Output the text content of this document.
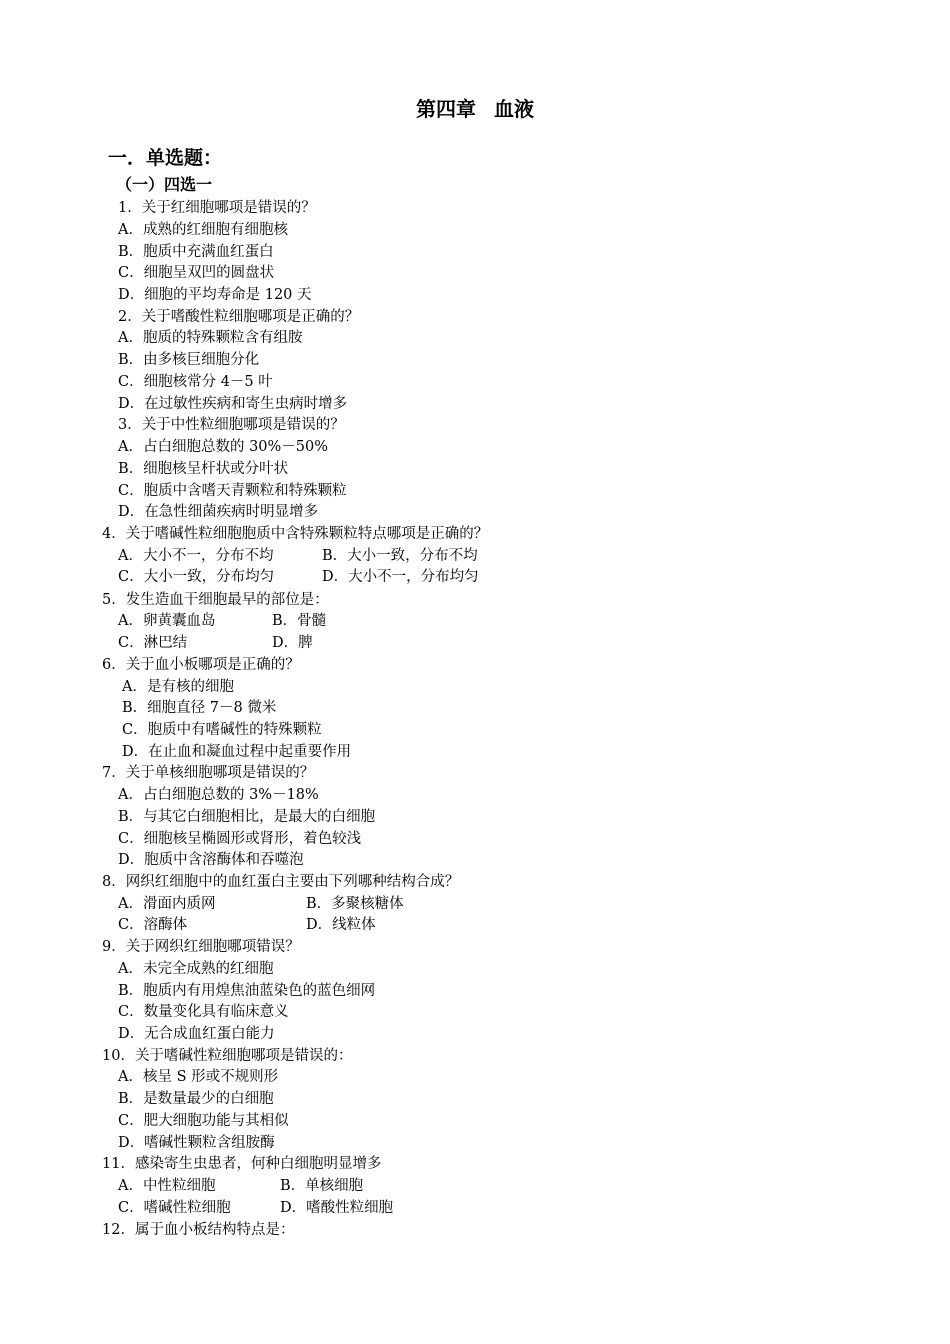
第四章 血液
一．单选题：
（一）四选一
1．关于红细胞哪项是错误的？
A．成熟的红细胞有细胞核
B．胞质中充满血红蛋白
C．细胞呈双凹的圆盘状
D．细胞的平均寿命是 120 天
2．关于嗜酸性粒细胞哪项是正确的？
A．胞质的特殊颗粒含有组胺
B．由多核巨细胞分化
C．细胞核常分 4－5 叶
D．在过敏性疾病和寄生虫病时增多
3．关于中性粒细胞哪项是错误的？
A．占白细胞总数的 30%－50%
B．细胞核呈杆状或分叶状
C．胞质中含嗜天青颗粒和特殊颗粒
D．在急性细菌疾病时明显增多
4．关于嗜碱性粒细胞胞质中含特殊颗粒特点哪项是正确的？
A．大小不一，分布不均	B．大小一致，分布不均
C．大小一致，分布均匀	D．大小不一，分布均匀
5．发生造血干细胞最早的部位是：
A．卵黄囊血岛	B．骨髓
C．淋巴结	D．脾
6．关于血小板哪项是正确的？
A．是有核的细胞
B．细胞直径 7－8 微米
C．胞质中有嗜碱性的特殊颗粒
D．在止血和凝血过程中起重要作用
7．关于单核细胞哪项是错误的？
A．占白细胞总数的 3%－18%
B．与其它白细胞相比，是最大的白细胞
C．细胞核呈椭圆形或肾形，着色较浅
D．胞质中含溶酶体和吞噬泡
8．网织红细胞中的血红蛋白主要由下列哪种结构合成？
A．滑面内质网	B．多聚核糖体
C．溶酶体	D．线粒体
9．关于网织红细胞哪项错误？
A．未完全成熟的红细胞
B．胞质内有用煌焦油蓝染色的蓝色细网
C．数量变化具有临床意义
D．无合成血红蛋白能力
10．关于嗜碱性粒细胞哪项是错误的：
A．核呈 S 形或不规则形
B．是数量最少的白细胞
C．肥大细胞功能与其相似
D．嗜碱性颗粒含组胺酶
11．感染寄生虫患者，何种白细胞明显增多
A．中性粒细胞	B．单核细胞
C．嗜碱性粒细胞	D．嗜酸性粒细胞
12．属于血小板结构特点是：
